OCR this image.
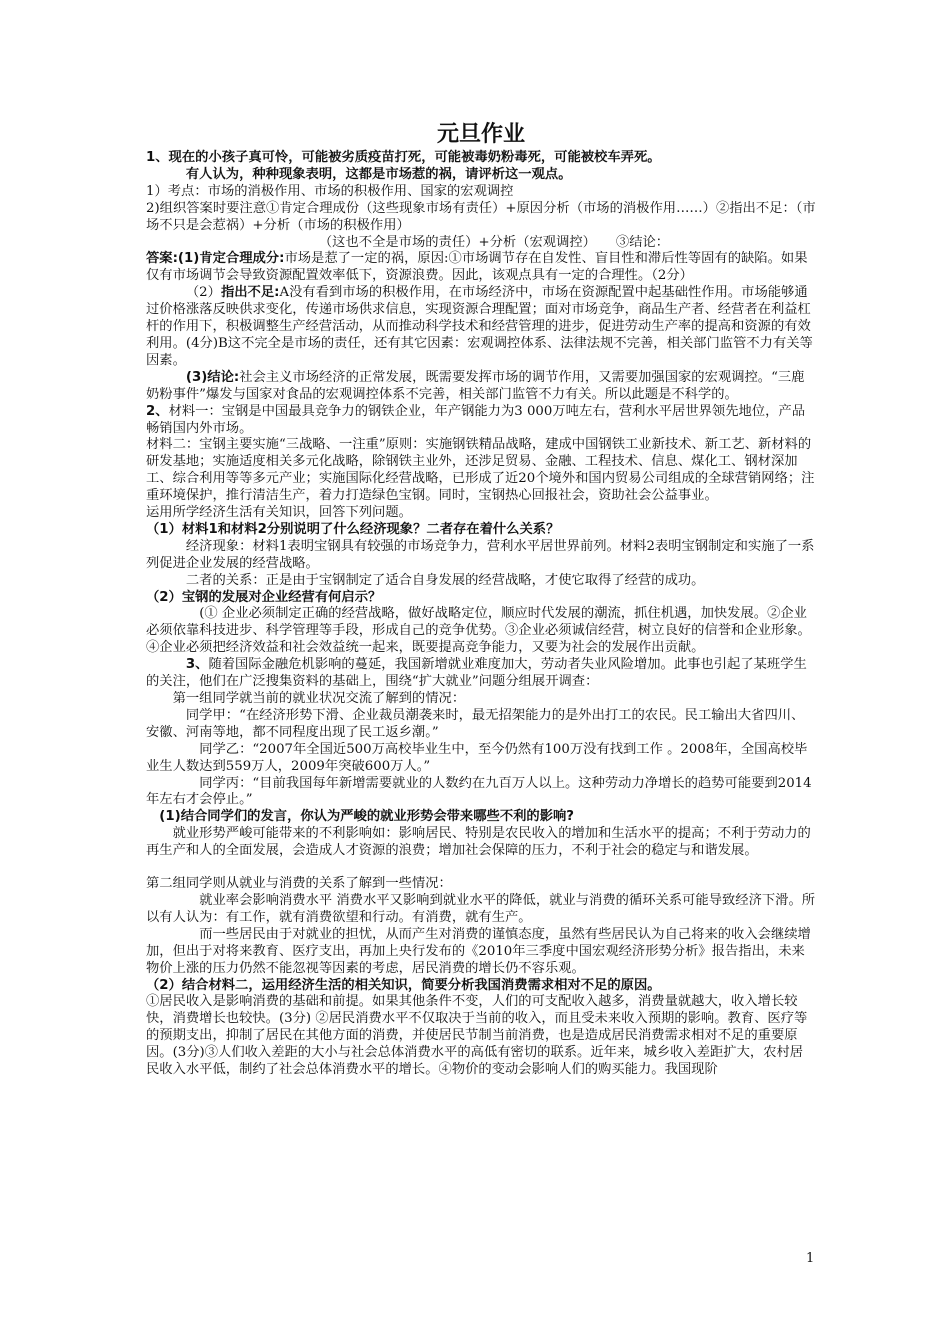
元旦作业

1、现在的小孩子真可怜，可能被劣质疫苗打死，可能被毒奶粉毒死，可能被校车弄死。

有人认为，种种现象表明，这都是市场惹的祸，请评析这一观点。

1）考点：市场的消极作用、市场的积极作用、国家的宏观调控

2)组织答案时要注意①肯定合理成份（这些现象市场有责任）+原因分析（市场的消极作用……）②指出不足：（市场不只是会惹祸）+分析（市场的积极作用）

（这也不全是市场的责任）+分析（宏观调控）　　③结论：

答案:(1)肯定合理成分:市场是惹了一定的祸，原因:①市场调节存在自发性、盲目性和滞后性等固有的缺陷。如果仅有市场调节会导致资源配置效率低下，资源浪费。因此，该观点具有一定的合理性。（2分）

（2）指出不足:A没有看到市场的积极作用，在市场经济中，市场在资源配置中起基础性作用。市场能够通过价格涨落反映供求变化，传递市场供求信息，实现资源合理配置；面对市场竞争，商品生产者、经营者在利益杠杆的作用下，积极调整生产经营活动，从而推动科学技术和经营管理的进步，促进劳动生产率的提高和资源的有效利用。(4分)B这不完全是市场的责任，还有其它因素：宏观调控体系、法律法规不完善，相关部门监管不力有关等因素。

(3)结论:社会主义市场经济的正常发展，既需要发挥市场的调节作用，又需要加强国家的宏观调控。“三鹿奶粉事件”爆发与国家对食品的宏观调控体系不完善，相关部门监管不力有关。所以此题是不科学的。

2、材料一：宝钢是中国最具竞争力的钢铁企业，年产钢能力为3 000万吨左右，营利水平居世界领先地位，产品畅销国内外市场。

材料二：宝钢主要实施“三战略、一注重”原则：实施钢铁精品战略，建成中国钢铁工业新技术、新工艺、新材料的研发基地；实施适度相关多元化战略，除钢铁主业外，还涉足贸易、金融、工程技术、信息、煤化工、钢材深加工、综合利用等等多元产业；实施国际化经营战略，已形成了近20个境外和国内贸易公司组成的全球营销网络；注重环境保护，推行清洁生产，着力打造绿色宝钢。同时，宝钢热心回报社会，资助社会公益事业。

运用所学经济生活有关知识，回答下列问题。

（1）材料1和材料2分别说明了什么经济现象？二者存在着什么关系？

经济现象：材料1表明宝钢具有较强的市场竞争力，营利水平居世界前列。材料2表明宝钢制定和实施了一系列促进企业发展的经营战略。

二者的关系：正是由于宝钢制定了适合自身发展的经营战略，才使它取得了经营的成功。

（2）宝钢的发展对企业经营有何启示？

(① 企业必须制定正确的经营战略，做好战略定位，顺应时代发展的潮流，抓住机遇，加快发展。②企业必须依靠科技进步、科学管理等手段，形成自己的竞争优势。③企业必须诚信经营，树立良好的信誉和企业形象。④企业必须把经济效益和社会效益统一起来，既要提高竞争能力，又要为社会的发展作出贡献。

3、随着国际金融危机影响的蔓延，我国新增就业难度加大，劳动者失业风险增加。此事也引起了某班学生的关注，他们在广泛搜集资料的基础上，围绕“扩大就业”问题分组展开调查：

第一组同学就当前的就业状况交流了解到的情况：

同学甲：“在经济形势下滑、企业裁员潮袭来时，最无招架能力的是外出打工的农民。民工输出大省四川、安徽、河南等地，都不同程度出现了民工返乡潮。”

同学乙：“2007年全国近500万高校毕业生中，至今仍然有100万没有找到工作 。2008年，全国高校毕业生人数达到559万人，2009年突破600万人。”

同学丙：“目前我国每年新增需要就业的人数约在九百万人以上。这种劳动力净增长的趋势可能要到2014年左右才会停止。”

(1)结合同学们的发言，你认为严峻的就业形势会带来哪些不利的影响?

就业形势严峻可能带来的不利影响如：影响居民、特别是农民收入的增加和生活水平的提高；不利于劳动力的再生产和人的全面发展，会造成人才资源的浪费；增加社会保障的压力，不利于社会的稳定与和谐发展。

第二组同学则从就业与消费的关系了解到一些情况：

就业率会影响消费水平 消费水平又影响到就业水平的降低，就业与消费的循环关系可能导致经济下滑。所以有人认为：有工作，就有消费欲望和行动。有消费，就有生产。

而一些居民由于对就业的担忧，从而产生对消费的谨慎态度，虽然有些居民认为自己将来的收入会继续增加，但出于对将来教育、医疗支出，再加上央行发布的《2010年三季度中国宏观经济形势分析》报告指出，未来物价上涨的压力仍然不能忽视等因素的考虑，居民消费的增长仍不容乐观。

（2）结合材料二，运用经济生活的相关知识，简要分析我国消费需求相对不足的原因。

①居民收入是影响消费的基础和前提。如果其他条件不变，人们的可支配收入越多，消费量就越大，收入增长较快，消费增长也较快。(3分) ②居民消费水平不仅取决于当前的收入，而且受未来收入预期的影响。教育、医疗等的预期支出，抑制了居民在其他方面的消费，并使居民节制当前消费，也是造成居民消费需求相对不足的重要原因。(3分)③人们收入差距的大小与社会总体消费水平的高低有密切的联系。近年来，城乡收入差距扩大，农村居民收入水平低，制约了社会总体消费水平的增长。④物价的变动会影响人们的购买能力。我国现阶

1
